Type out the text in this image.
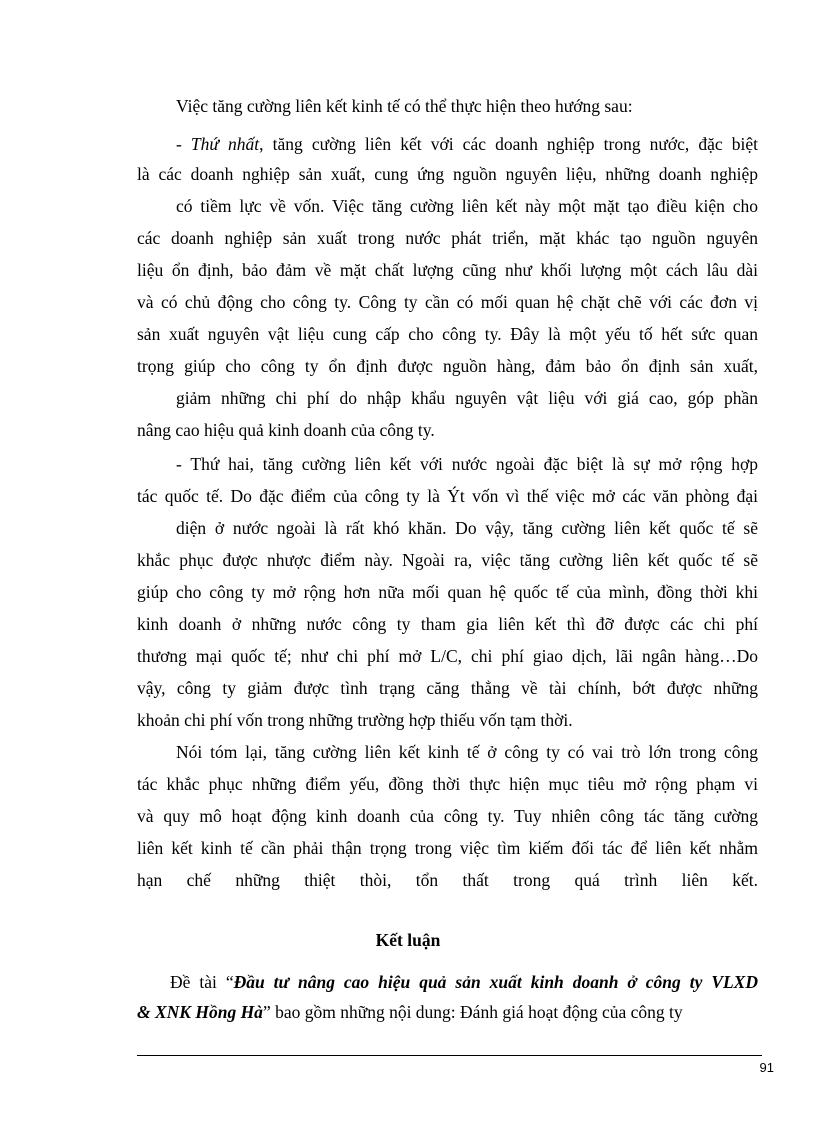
Việc tăng cường liên kết kinh tế có thể thực hiện theo hướng sau:
- Thứ nhất, tăng cường liên kết với các doanh nghiệp trong nước, đặc biệt
là các doanh nghiệp sản xuất, cung ứng nguồn nguyên liệu, những doanh nghiệp
có tiềm lực về vốn. Việc tăng cường liên kết này một mặt tạo điều kiện cho
các doanh nghiệp sản xuất trong nước phát triển, mặt khác tạo nguồn nguyên
liệu ổn định, bảo đảm về mặt chất lượng cũng như khối lượng một cách lâu dài
và có chủ động cho công ty. Công ty cần có mối quan hệ chặt chẽ với các đơn vị
sản xuất nguyên vật liệu cung cấp cho công ty. Đây là một yếu tố hết sức quan
trọng giúp cho công ty ổn định được nguồn hàng, đảm bảo ổn định sản xuất,
giảm những chi phí do nhập khẩu nguyên vật liệu với giá cao, góp phần
nâng cao hiệu quả kinh doanh của công ty.
- Thứ hai, tăng cường liên kết với nước ngoài đặc biệt là sự mở rộng hợp
tác quốc tế. Do đặc điểm của công ty là Ýt vốn vì thế việc mở các văn phòng đại
diện ở nước ngoài là rất khó khăn. Do vậy, tăng cường liên kết quốc tế sẽ
khắc phục được nhược điểm này. Ngoài ra, việc tăng cường liên kết quốc tế sẽ
giúp cho công ty mở rộng hơn nữa mối quan hệ quốc tế của mình, đồng thời khi
kinh doanh ở những nước công ty tham gia liên kết thì đỡ được các chi phí
thương mại quốc tế; như chi phí mở L/C, chi phí giao dịch, lãi ngân hàng…Do
vậy, công ty giảm được tình trạng căng thẳng về tài chính, bớt được những
khoản chi phí vốn trong những trường hợp thiếu vốn tạm thời.
Nói tóm lại, tăng cường liên kết kinh tế ở công ty có vai trò lớn trong công
tác khắc phục những điểm yếu, đồng thời thực hiện mục tiêu mở rộng phạm vi
và quy mô hoạt động kinh doanh của công ty. Tuy nhiên công tác tăng cường
liên kết kinh tế cần phải thận trọng trong việc tìm kiếm đối tác để liên kết nhằm
hạn chế những thiệt thòi, tổn thất trong quá trình liên kết.
Kết luận
Đề tài “Đầu tư nâng cao hiệu quả sản xuất kinh doanh ở công ty VLXD
& XNK Hồng Hà” bao gồm những nội dung: Đánh giá hoạt động của công ty
91
